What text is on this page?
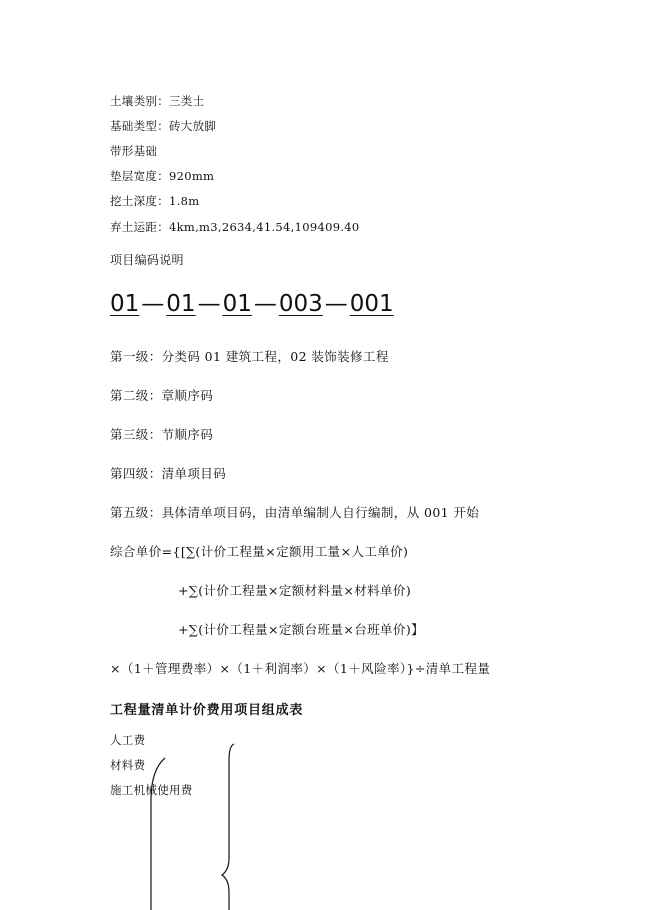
土壤类别：三类土
基础类型：砖大放脚
带形基础
垫层宽度：920mm
挖土深度：1.8m
弃土运距：4km,m3,2634,41.54,109409.40
项目编码说明
01—01—01—003—001
第一级：分类码 01 建筑工程，02 装饰装修工程
第二级：章顺序码
第三级：节顺序码
第四级：清单项目码
第五级：具体清单项目码，由清单编制人自行编制，从 001 开始
综合单价={[∑(计价工程量×定额用工量×人工单价)
+∑(计价工程量×定额材料量×材料单价)
+∑(计价工程量×定额台班量×台班单价)】
×（1＋管理费率）×（1＋利润率）×（1＋风险率）}÷清单工程量
工程量清单计价费用项目组成表
人工费
材料费
施工机械使用费
